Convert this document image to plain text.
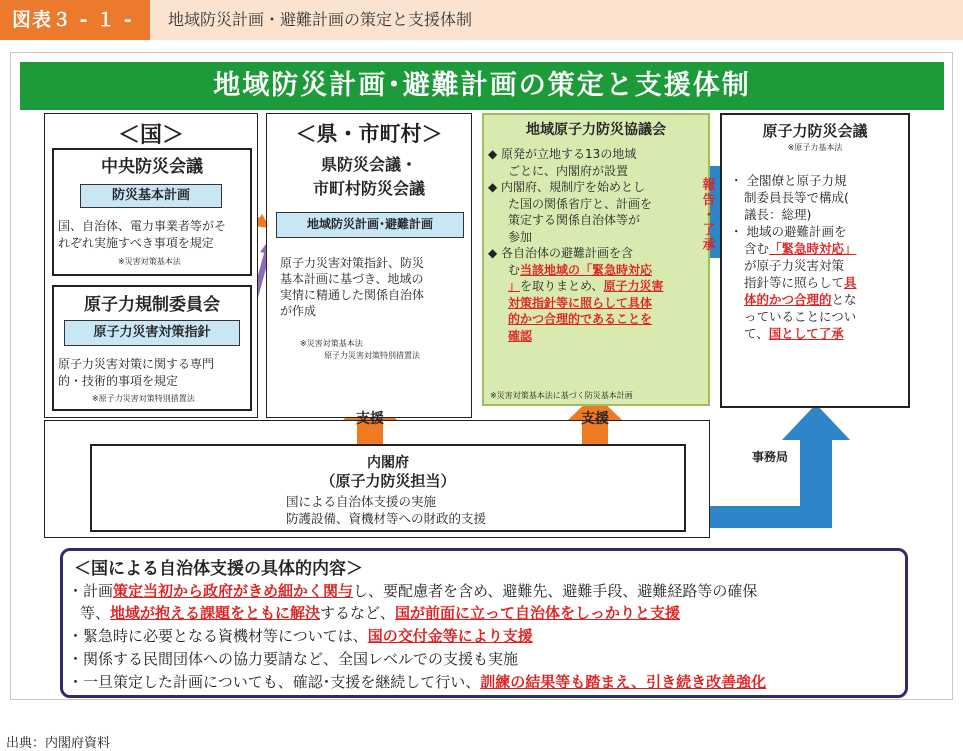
図表３ - １ -	地域防災計画・避難計画の策定と支援体制
地域防災計画･避難計画の策定と支援体制
＜国＞
中央防災会議
防災基本計画
国、自治体、電力事業者等がそ
れぞれ実施すべき事項を規定
※災害対策基本法
原子力規制委員会
原子力災害対策指針
原子力災害対策に関する専門
的・技術的事項を規定
※原子力災害対策特別措置法
＜県・市町村＞
県防災会議・
市町村防災会議
地域防災計画･避難計画
原子力災害対策指針、防災
基本計画に基づき、地域の
実情に精通した関係自治体
が作成
※災害対策基本法
原子力災害対策特別措置法
地域原子力防災協議会
◆ 原発が立地する13の地域
ごとに、内閣府が設置
◆ 内閣府、規制庁を始めとし
た国の関係省庁と、計画を
策定する関係自治体等が
参加
◆ 各自治体の避難計画を含
む当該地域の「緊急時対応
」を取りまとめ、原子力災害
対策指針等に照らして具体
的かつ合理的であることを
確認
※災害対策基本法に基づく防災基本計画
報
告
・
了
承
原子力防災会議
※原子力基本法
・ 全閣僚と原子力規
制委員長等で構成(
議長：総理)
・ 地域の避難計画を
含む「緊急時対応」
が原子力災害対策
指針等に照らして具
体的かつ合理的とな
っていることについ
て、国として了承
支援	支援
内閣府
（原子力防災担当）
国による自治体支援の実施
防護設備、資機材等への財政的支援
事務局
＜国による自治体支援の具体的内容＞
・計画策定当初から政府がきめ細かく関与し、要配慮者を含め、避難先、避難手段、避難経路等の確保
等、地域が抱える課題をともに解決するなど、国が前面に立って自治体をしっかりと支援
・緊急時に必要となる資機材等については、国の交付金等により支援
・関係する民間団体への協力要請など、全国レベルでの支援も実施
・一旦策定した計画についても、確認･支援を継続して行い、訓練の結果等も踏まえ、引き続き改善強化
出典：内閣府資料
